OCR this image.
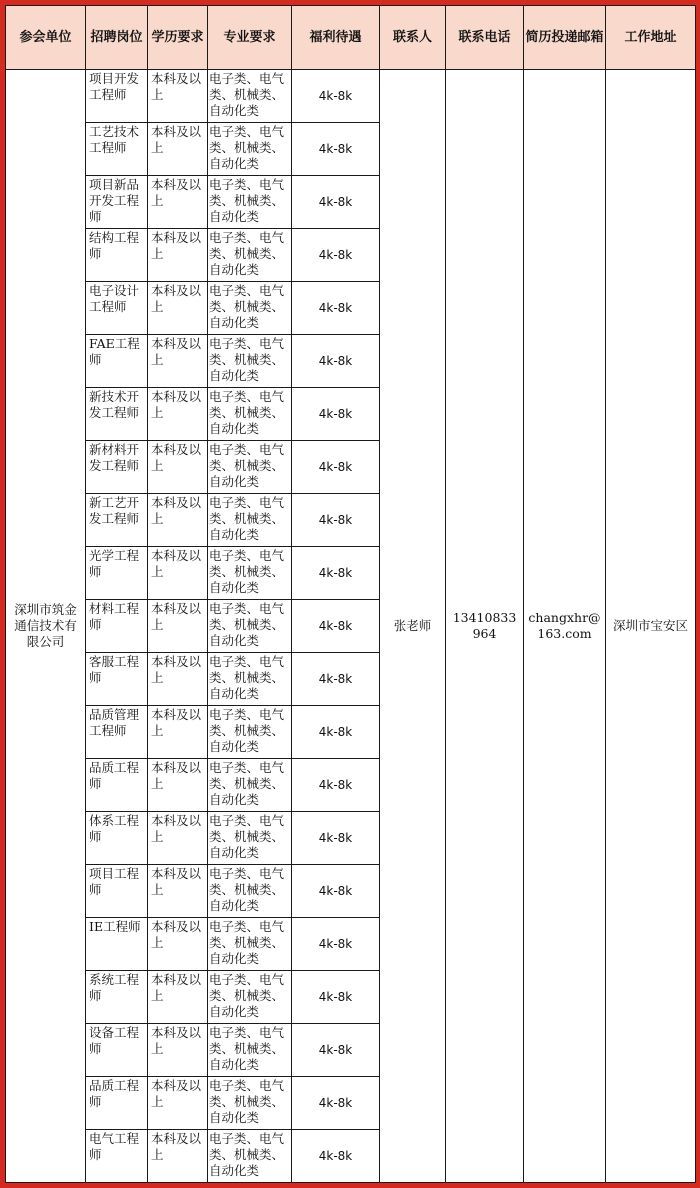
参会单位	招聘岗位	学历要求	专业要求	福利待遇	联系人	联系电话	简历投递邮箱	工作地址
深圳市筑金通信技术有限公司	项目开发工程师	本科及以上	电子类、电气类、机械类、自动化类	4k-8k	张老师	13410833964	changxhr@163.com	深圳市宝安区
	工艺技术工程师	本科及以上	电子类、电气类、机械类、自动化类	4k-8k				
	项目新品开发工程师	本科及以上	电子类、电气类、机械类、自动化类	4k-8k				
	结构工程师	本科及以上	电子类、电气类、机械类、自动化类	4k-8k				
	电子设计工程师	本科及以上	电子类、电气类、机械类、自动化类	4k-8k				
	FAE工程师	本科及以上	电子类、电气类、机械类、自动化类	4k-8k				
	新技术开发工程师	本科及以上	电子类、电气类、机械类、自动化类	4k-8k				
	新材料开发工程师	本科及以上	电子类、电气类、机械类、自动化类	4k-8k				
	新工艺开发工程师	本科及以上	电子类、电气类、机械类、自动化类	4k-8k				
	光学工程师	本科及以上	电子类、电气类、机械类、自动化类	4k-8k				
	材料工程师	本科及以上	电子类、电气类、机械类、自动化类	4k-8k				
	客服工程师	本科及以上	电子类、电气类、机械类、自动化类	4k-8k				
	品质管理工程师	本科及以上	电子类、电气类、机械类、自动化类	4k-8k				
	品质工程师	本科及以上	电子类、电气类、机械类、自动化类	4k-8k				
	体系工程师	本科及以上	电子类、电气类、机械类、自动化类	4k-8k				
	项目工程师	本科及以上	电子类、电气类、机械类、自动化类	4k-8k				
	IE工程师	本科及以上	电子类、电气类、机械类、自动化类	4k-8k				
	系统工程师	本科及以上	电子类、电气类、机械类、自动化类	4k-8k				
	设备工程师	本科及以上	电子类、电气类、机械类、自动化类	4k-8k				
	品质工程师	本科及以上	电子类、电气类、机械类、自动化类	4k-8k				
	电气工程师	本科及以上	电子类、电气类、机械类、自动化类	4k-8k				
